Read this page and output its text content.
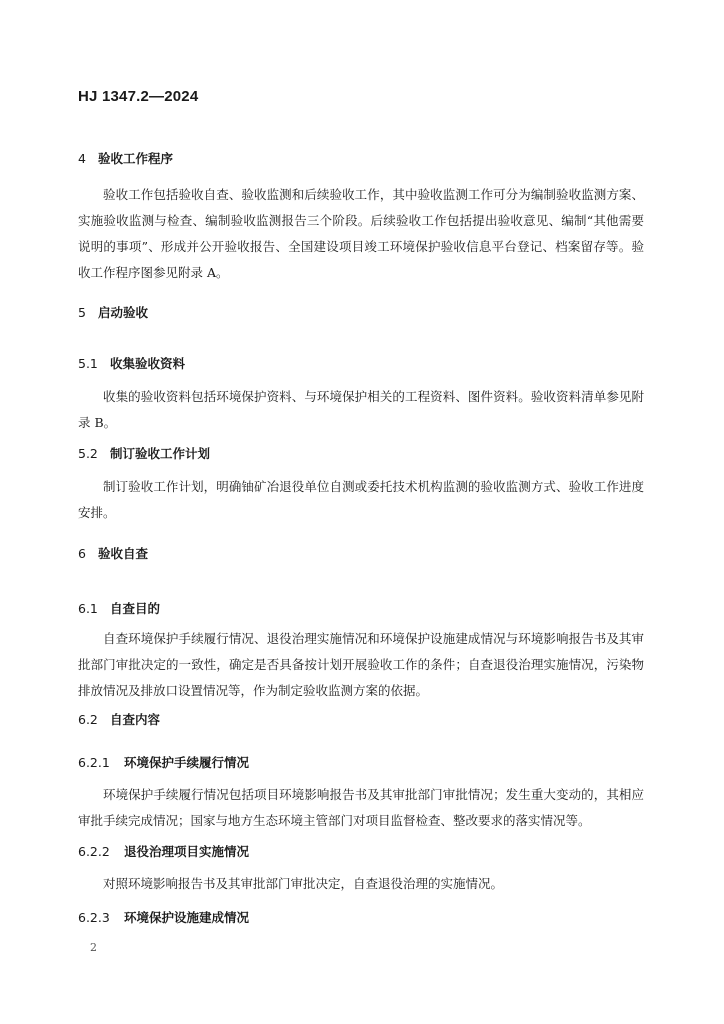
HJ 1347.2—2024
4 验收工作程序
验收工作包括验收自查、验收监测和后续验收工作，其中验收监测工作可分为编制验收监测方案、实施验收监测与检查、编制验收监测报告三个阶段。后续验收工作包括提出验收意见、编制“其他需要说明的事项”、形成并公开验收报告、全国建设项目竣工环境保护验收信息平台登记、档案留存等。验收工作程序图参见附录 A。
5 启动验收
5.1 收集验收资料
收集的验收资料包括环境保护资料、与环境保护相关的工程资料、图件资料。验收资料清单参见附录 B。
5.2 制订验收工作计划
制订验收工作计划，明确铀矿冶退役单位自测或委托技术机构监测的验收监测方式、验收工作进度安排。
6 验收自查
6.1 自查目的
自查环境保护手续履行情况、退役治理实施情况和环境保护设施建成情况与环境影响报告书及其审批部门审批决定的一致性，确定是否具备按计划开展验收工作的条件；自查退役治理实施情况，污染物排放情况及排放口设置情况等，作为制定验收监测方案的依据。
6.2 自查内容
6.2.1 环境保护手续履行情况
环境保护手续履行情况包括项目环境影响报告书及其审批部门审批情况；发生重大变动的，其相应审批手续完成情况；国家与地方生态环境主管部门对项目监督检查、整改要求的落实情况等。
6.2.2 退役治理项目实施情况
对照环境影响报告书及其审批部门审批决定，自查退役治理的实施情况。
6.2.3 环境保护设施建成情况
2
